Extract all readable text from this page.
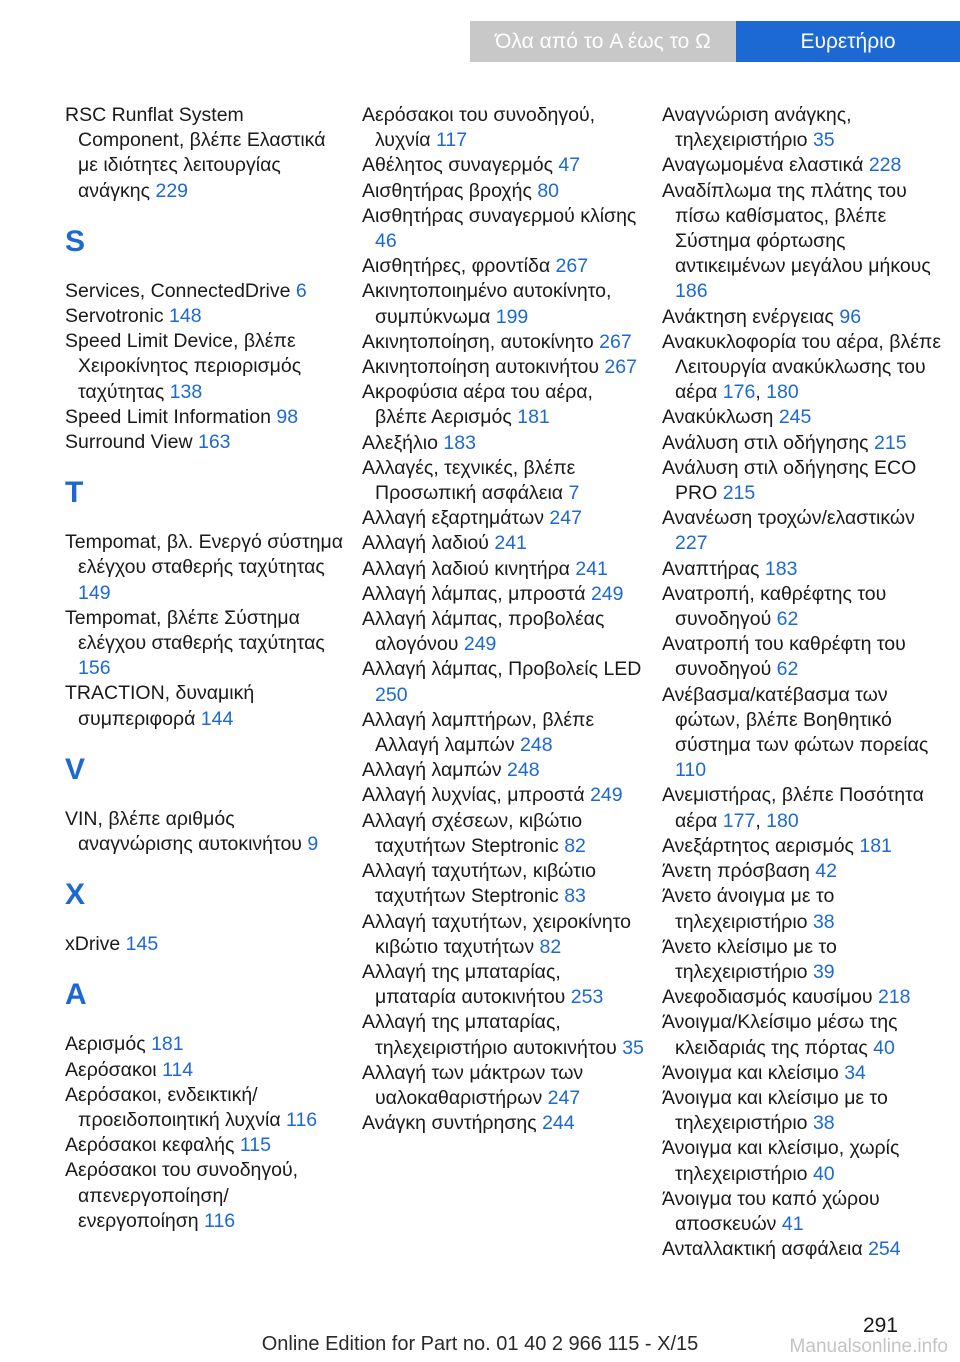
Όλα από το A έως το Ω	Ευρετήριο

RSC Runflat System Component, βλέπε Ελαστικά με ιδιότητες λειτουργίας ανάγκης 229

S

Services, ConnectedDrive 6

Servotronic 148

Speed Limit Device, βλέπε Χειροκίνητος περιορισμός ταχύτητας 138

Speed Limit Information 98

Surround View 163

T

Tempomat, βλ. Ενεργό σύστημα ελέγχου σταθερής ταχύτητας 149

Tempomat, βλέπε Σύστημα ελέγχου σταθερής ταχύτητας 156

TRACTION, δυναμική συμπεριφορά 144

V

VIN, βλέπε αριθμός αναγνώρισης αυτοκινήτου 9

X

xDrive 145

Α

Αερισμός 181

Αερόσακοι 114

Αερόσακοι, ενδεικτική/προειδοποιητική λυχνία 116

Αερόσακοι κεφαλής 115

Αερόσακοι του συνοδηγού, απενεργοποίηση/ενεργοποίηση 116

Αερόσακοι του συνοδηγού, λυχνία 117

Αθέλητος συναγερμός 47

Αισθητήρας βροχής 80

Αισθητήρας συναγερμού κλίσης 46

Αισθητήρες, φροντίδα 267

Ακινητοποιημένο αυτοκίνητο, συμπύκνωμα 199

Ακινητοποίηση, αυτοκίνητο 267

Ακινητοποίηση αυτοκινήτου 267

Ακροφύσια αέρα του αέρα, βλέπε Αερισμός 181

Αλεξήλιο 183

Αλλαγές, τεχνικές, βλέπε Προσωπική ασφάλεια 7

Αλλαγή εξαρτημάτων 247

Αλλαγή λαδιού 241

Αλλαγή λαδιού κινητήρα 241

Αλλαγή λάμπας, μπροστά 249

Αλλαγή λάμπας, προβολέας αλογόνου 249

Αλλαγή λάμπας, Προβολείς LED 250

Αλλαγή λαμπτήρων, βλέπε Αλλαγή λαμπών 248

Αλλαγή λαμπών 248

Αλλαγή λυχνίας, μπροστά 249

Αλλαγή σχέσεων, κιβώτιο ταχυτήτων Steptronic 82

Αλλαγή ταχυτήτων, κιβώτιο ταχυτήτων Steptronic 83

Αλλαγή ταχυτήτων, χειροκίνητο κιβώτιο ταχυτήτων 82

Αλλαγή της μπαταρίας, μπαταρία αυτοκινήτου 253

Αλλαγή της μπαταρίας, τηλεχειριστήριο αυτοκινήτου 35

Αλλαγή των μάκτρων των υαλοκαθαριστήρων 247

Ανάγκη συντήρησης 244

Αναγνώριση ανάγκης, τηλεχειριστήριο 35

Αναγωμομένα ελαστικά 228

Αναδίπλωμα της πλάτης του πίσω καθίσματος, βλέπε Σύστημα φόρτωσης αντικειμένων μεγάλου μήκους 186

Ανάκτηση ενέργειας 96

Ανακυκλοφορία του αέρα, βλέπε Λειτουργία ανακύκλωσης του αέρα 176, 180

Ανακύκλωση 245

Ανάλυση στιλ οδήγησης 215

Ανάλυση στιλ οδήγησης ECO PRO 215

Ανανέωση τροχών/ελαστικών 227

Αναπτήρας 183

Ανατροπή, καθρέφτης του συνοδηγού 62

Ανατροπή του καθρέφτη του συνοδηγού 62

Ανέβασμα/κατέβασμα των φώτων, βλέπε Βοηθητικό σύστημα των φώτων πορείας 110

Ανεμιστήρας, βλέπε Ποσότητα αέρα 177, 180

Ανεξάρτητος αερισμός 181

Άνετη πρόσβαση 42

Άνετο άνοιγμα με το τηλεχειριστήριο 38

Άνετο κλείσιμο με το τηλεχειριστήριο 39

Ανεφοδιασμός καυσίμου 218

Άνοιγμα/Κλείσιμο μέσω της κλειδαριάς της πόρτας 40

Άνοιγμα και κλείσιμο 34

Άνοιγμα και κλείσιμο με το τηλεχειριστήριο 38

Άνοιγμα και κλείσιμο, χωρίς τηλεχειριστήριο 40

Άνοιγμα του καπό χώρου αποσκευών 41

Ανταλλακτική ασφάλεια 254

291
Online Edition for Part no. 01 40 2 966 115 - X/15	Manualsonline.info
